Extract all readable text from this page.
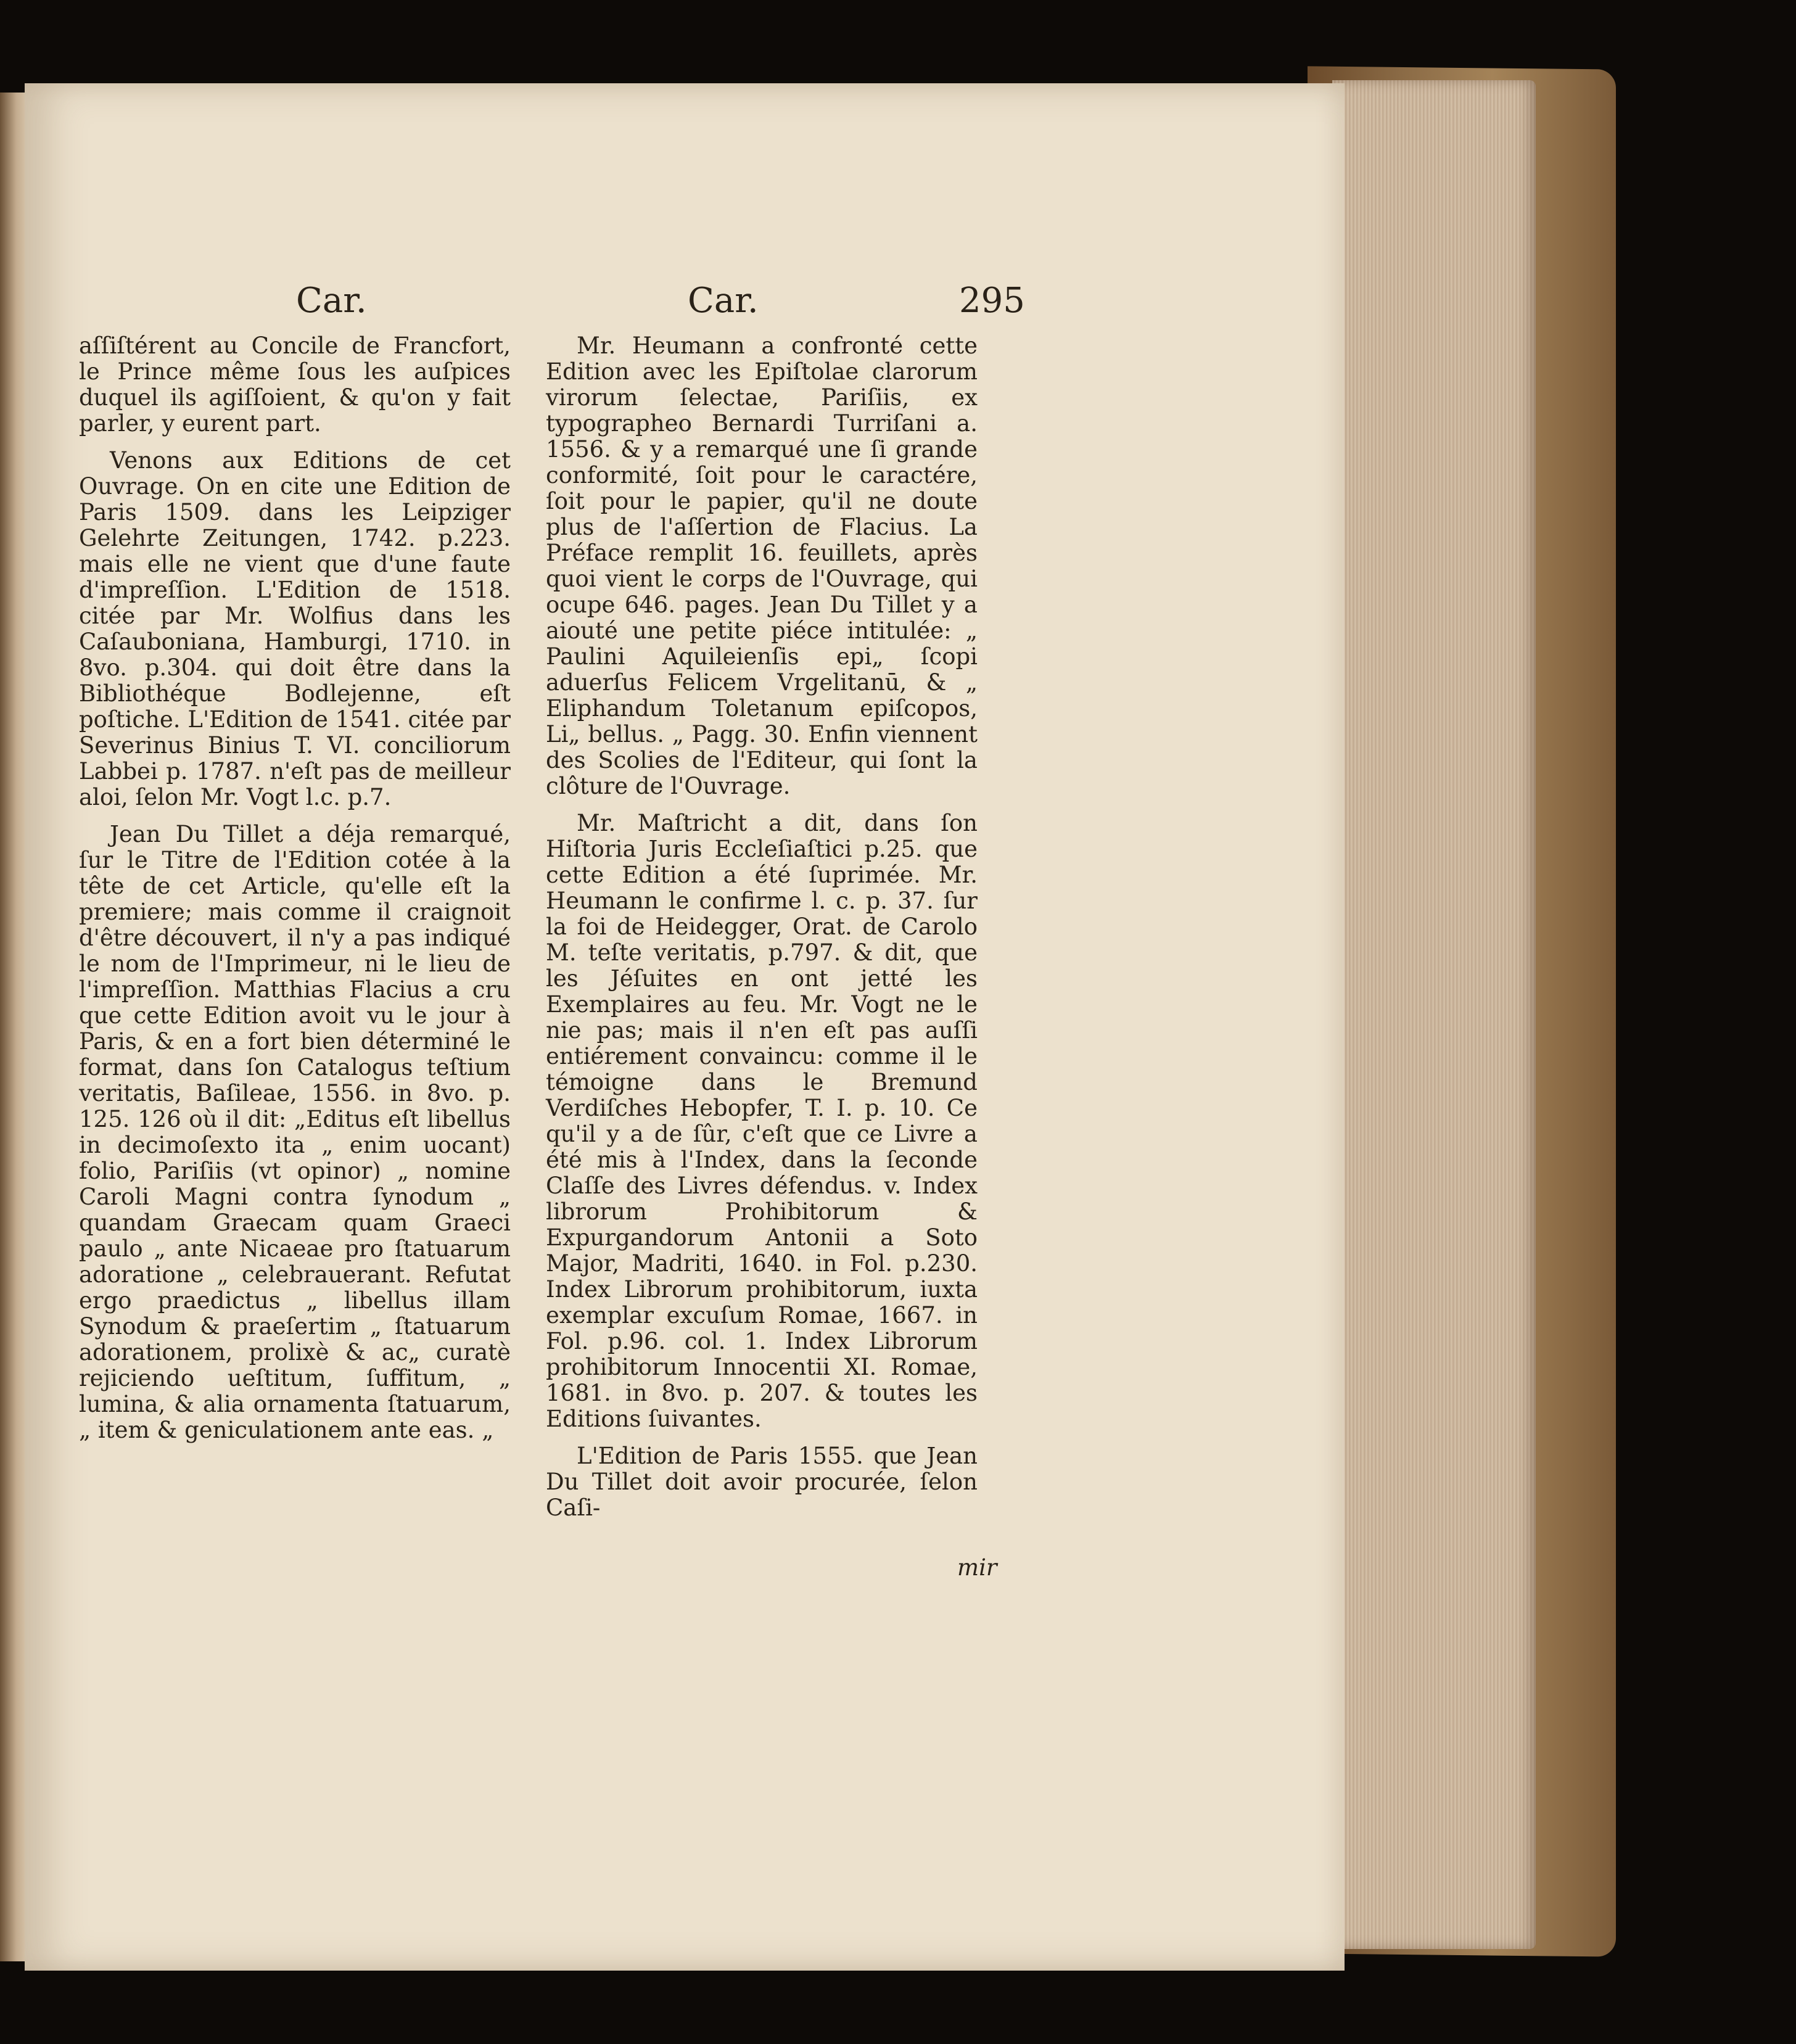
Car.	Car.	295

aſſiſtérent au Concile de Francfort, le Prince même ſous les auſpices duquel ils agiſſoient, & qu'on y fait parler, y eurent part.

Venons aux Editions de cet Ouvrage. On en cite une Edition de Paris 1509. dans les Leipziger Gelehrte Zeitungen, 1742. p.223. mais elle ne vient que d'une faute d'impreſſion. L'Edition de 1518. citée par Mr. Wolfius dans les Caſauboniana, Hamburgi, 1710. in 8vo. p.304. qui doit être dans la Bibliothéque Bodlejenne, eſt poſtiche. L'Edition de 1541. citée par Severinus Binius T. VI. conciliorum Labbei p. 1787. n'eſt pas de meilleur aloi, ſelon Mr. Vogt l.c. p.7.

Jean Du Tillet a déja remarqué, ſur le Titre de l'Edition cotée à la tête de cet Article, qu'elle eſt la premiere; mais comme il craignoit d'être découvert, il n'y a pas indiqué le nom de l'Imprimeur, ni le lieu de l'impreſſion. Matthias Flacius a cru que cette Edition avoit vu le jour à Paris, & en a fort bien déterminé le format, dans ſon Catalogus teſtium veritatis, Baſileae, 1556. in 8vo. p. 125. 126 où il dit: „Editus eſt libellus in decimoſexto ita „ enim uocant) folio, Pariſiis (vt opinor) „ nomine Caroli Magni contra ſynodum „ quandam Graecam quam Graeci paulo „ ante Nicaeae pro ſtatuarum adoratione „ celebrauerant. Refutat ergo praedictus „ libellus illam Synodum & praeſertim „ ſtatuarum adorationem, prolixè & ac„ curatè rejiciendo ueſtitum, ſuffitum, „ lumina, & alia ornamenta ſtatuarum, „ item & geniculationem ante eas. „

Mr. Heumann a confronté cette Edition avec les Epiſtolae clarorum virorum ſelectae, Pariſiis, ex typographeo Bernardi Turriſani a. 1556. & y a remarqué une ſi grande conformité, ſoit pour le caractére, ſoit pour le papier, qu'il ne doute plus de l'aſſertion de Flacius. La Préface remplit 16. feuillets, après quoi vient le corps de l'Ouvrage, qui ocupe 646. pages. Jean Du Tillet y a aiouté une petite piéce intitulée: „ Paulini Aquileienſis epi„ ſcopi aduerſus Felicem Vrgelitanū, & „ Eliphandum Toletanum epiſcopos, Li„ bellus. „ Pagg. 30. Enfin viennent des Scolies de l'Editeur, qui ſont la clôture de l'Ouvrage.

Mr. Maſtricht a dit, dans ſon Hiſtoria Juris Eccleſiaſtici p.25. que cette Edition a été ſuprimée. Mr. Heumann le confirme l. c. p. 37. ſur la foi de Heidegger, Orat. de Carolo M. teſte veritatis, p.797. & dit, que les Jéſuites en ont jetté les Exemplaires au feu. Mr. Vogt ne le nie pas; mais il n'en eſt pas auſſi entiérement convaincu: comme il le témoigne dans le Bremund Verdiſches Hebopfer, T. I. p. 10. Ce qu'il y a de ſûr, c'eſt que ce Livre a été mis à l'Index, dans la ſeconde Claſſe des Livres défendus. v. Index librorum Prohibitorum & Expurgandorum Antonii a Soto Major, Madriti, 1640. in Fol. p.230. Index Librorum prohibitorum, iuxta exemplar excuſum Romae, 1667. in Fol. p.96. col. 1. Index Librorum prohibitorum Innocentii XI. Romae, 1681. in 8vo. p. 207. & toutes les Editions ſuivantes.

L'Edition de Paris 1555. que Jean Du Tillet doit avoir procurée, ſelon Caſi-

mir
